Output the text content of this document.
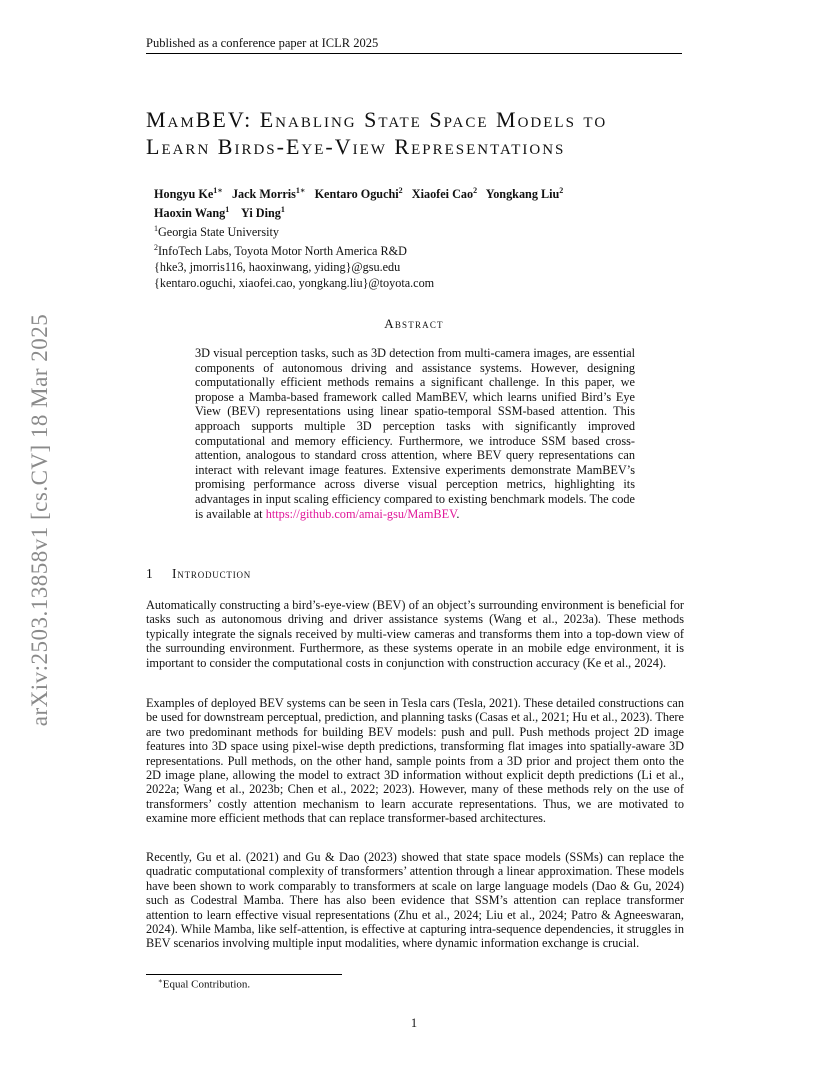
Published as a conference paper at ICLR 2025
arXiv:2503.13858v1 [cs.CV] 18 Mar 2025
MamBEV: Enabling State Space Models to
Learn Birds-Eye-View Representations
Hongyu $Ke^{1∗}$ Jack Morris$^{1∗}$ Kentaro Oguchi$^2$ Xiaofei Cao$^2$ Yongkang Liu$^2$
Haoxin Wang$^1$ Yi Ding$^1$
$^1$Georgia State University
$^2$InfoTech Labs, Toyota Motor North America R&D
{hke3, jmorris116, haoxinwang, yiding}@gsu.edu
{kentaro.oguchi, xiaofei.cao, yongkang.liu}@toyota.com
Abstract
3D visual perception tasks, such as 3D detection from multi-camera images, are essential components of autonomous driving and assistance systems. However, designing computationally efficient methods remains a significant challenge. In this paper, we propose a Mamba-based framework called MamBEV, which learns unified Bird’s Eye View (BEV) representations using linear spatio-temporal SSM-based attention. This approach supports multiple 3D perception tasks with significantly improved computational and memory efficiency. Furthermore, we introduce SSM based cross-attention, analogous to standard cross attention, where BEV query representations can interact with relevant image features. Extensive experiments demonstrate MamBEV’s promising performance across diverse visual perception metrics, highlighting its advantages in input scaling efficiency compared to existing benchmark models. The code is available at https://github.com/amai-gsu/MamBEV.
1 Introduction
Automatically constructing a bird’s-eye-view (BEV) of an object’s surrounding environment is beneficial for tasks such as autonomous driving and driver assistance systems (Wang et al., 2023a). These methods typically integrate the signals received by multi-view cameras and transforms them into a top-down view of the surrounding environment. Furthermore, as these systems operate in an mobile edge environment, it is important to consider the computational costs in conjunction with construction accuracy (Ke et al., 2024).
Examples of deployed BEV systems can be seen in Tesla cars (Tesla, 2021). These detailed constructions can be used for downstream perceptual, prediction, and planning tasks (Casas et al., 2021; Hu et al., 2023). There are two predominant methods for building BEV models: push and pull. Push methods project 2D image features into 3D space using pixel-wise depth predictions, transforming flat images into spatially-aware 3D representations. Pull methods, on the other hand, sample points from a 3D prior and project them onto the 2D image plane, allowing the model to extract 3D information without explicit depth predictions (Li et al., 2022a; Wang et al., 2023b; Chen et al., 2022; 2023). However, many of these methods rely on the use of transformers’ costly attention mechanism to learn accurate representations. Thus, we are motivated to examine more efficient methods that can replace transformer-based architectures.
Recently, Gu et al. (2021) and Gu & Dao (2023) showed that state space models (SSMs) can replace the quadratic computational complexity of transformers’ attention through a linear approximation. These models have been shown to work comparably to transformers at scale on large language models (Dao & Gu, 2024) such as Codestral Mamba. There has also been evidence that SSM’s attention can replace transformer attention to learn effective visual representations (Zhu et al., 2024; Liu et al., 2024; Patro & Agneeswaran, 2024). While Mamba, like self-attention, is effective at capturing intra-sequence dependencies, it struggles in BEV scenarios involving multiple input modalities, where dynamic information exchange is crucial.
∗Equal Contribution.
1
